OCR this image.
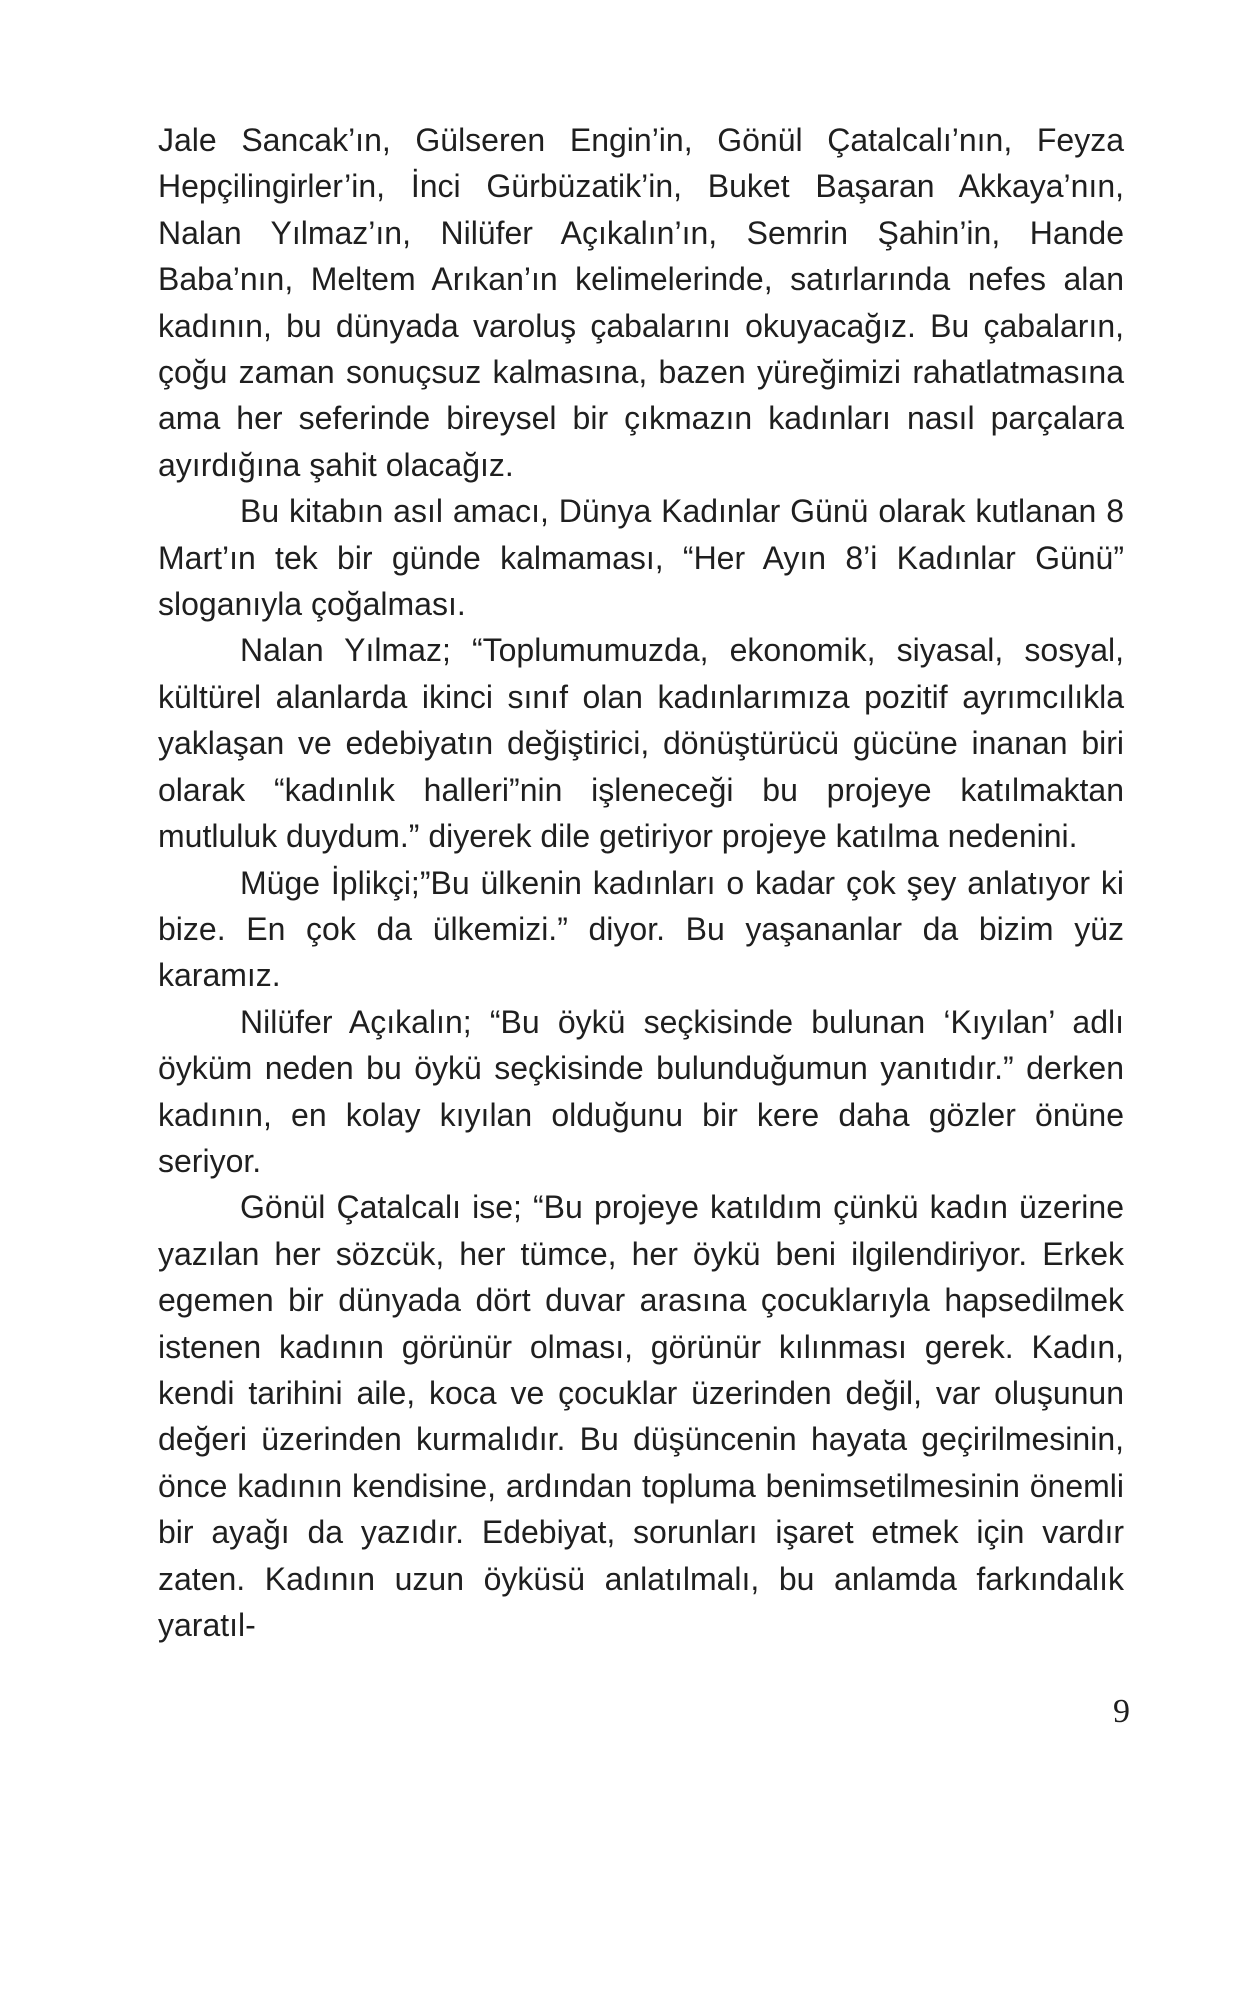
Jale Sancak’ın, Gülseren Engin’in, Gönül Çatalcalı’nın, Feyza Hepçilingirler’in, İnci Gürbüzatik’in, Buket Başaran Akkaya’nın, Nalan Yılmaz’ın, Nilüfer Açıkalın’ın, Semrin Şahin’in, Hande Baba’nın, Meltem Arıkan’ın kelimelerinde, satırlarında nefes alan kadının, bu dünyada varoluş çabalarını okuyacağız. Bu çabaların, çoğu zaman sonuçsuz kalmasına, bazen yüreğimizi rahatlatmasına ama her seferinde bireysel bir çıkmazın kadınları nasıl parçalara ayırdığına şahit olacağız.

Bu kitabın asıl amacı, Dünya Kadınlar Günü olarak kutlanan 8 Mart’ın tek bir günde kalmaması, “Her Ayın 8’i Kadınlar Günü” sloganıyla çoğalması.

Nalan Yılmaz; “Toplumumuzda, ekonomik, siyasal, sosyal, kültürel alanlarda ikinci sınıf olan kadınlarımıza pozitif ayrımcılıkla yaklaşan ve edebiyatın değiştirici, dönüştürücü gücüne inanan biri olarak “kadınlık halleri”nin işleneceği bu projeye katılmaktan mutluluk duydum.” diyerek dile getiriyor projeye katılma nedenini.

Müge İplikçi;”Bu ülkenin kadınları o kadar çok şey anlatıyor ki bize. En çok da ülkemizi.” diyor. Bu yaşananlar da bizim yüz karamız.

Nilüfer Açıkalın; “Bu öykü seçkisinde bulunan ‘Kıyılan’ adlı öyküm neden bu öykü seçkisinde bulunduğumun yanıtıdır.” derken kadının, en kolay kıyılan olduğunu bir kere daha gözler önüne seriyor.

Gönül Çatalcalı ise; “Bu projeye katıldım çünkü kadın üzerine yazılan her sözcük, her tümce, her öykü beni ilgilendiriyor. Erkek egemen bir dünyada dört duvar arasına çocuklarıyla hapsedilmek istenen kadının görünür olması, görünür kılınması gerek. Kadın, kendi tarihini aile, koca ve çocuklar üzerinden değil, var oluşunun değeri üzerinden kurmalıdır. Bu düşüncenin hayata geçirilmesinin, önce kadının kendisine, ardından topluma benimsetilmesinin önemli bir ayağı da yazıdır. Edebiyat, sorunları işaret etmek için vardır zaten. Kadının uzun öyküsü anlatılmalı, bu anlamda farkındalık yaratıl-

9
